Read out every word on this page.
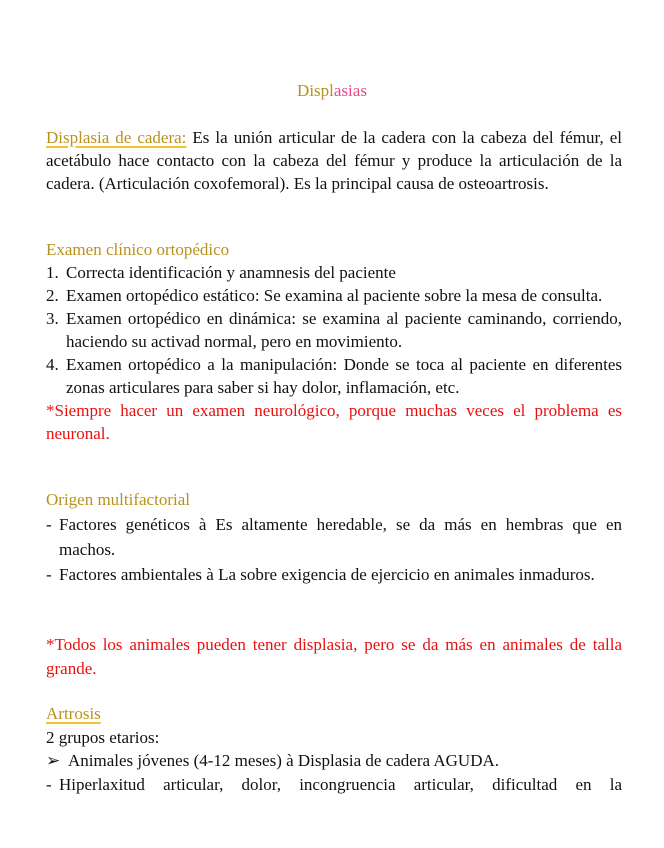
Displasias
Displasia de cadera: Es la unión articular de la cadera con la cabeza del fémur, el acetábulo hace contacto con la cabeza del fémur y produce la articulación de la cadera. (Articulación coxofemoral). Es la principal causa de osteoartrosis.
Examen clínico ortopédico
1. Correcta identificación y anamnesis del paciente
2. Examen ortopédico estático: Se examina al paciente sobre la mesa de consulta.
3. Examen ortopédico en dinámica: se examina al paciente caminando, corriendo, haciendo su activad normal, pero en movimiento.
4. Examen ortopédico a la manipulación: Donde se toca al paciente en diferentes zonas articulares para saber si hay dolor, inflamación, etc.
*Siempre hacer un examen neurológico, porque muchas veces el problema es neuronal.
Origen multifactorial
- Factores genéticos à Es altamente heredable, se da más en hembras que en machos.
- Factores ambientales à La sobre exigencia de ejercicio en animales inmaduros.
*Todos los animales pueden tener displasia, pero se da más en animales de talla grande.
Artrosis
2 grupos etarios:
➢ Animales jóvenes (4-12 meses) à Displasia de cadera AGUDA.
- Hiperlaxitud articular, dolor, incongruencia articular, dificultad en la
